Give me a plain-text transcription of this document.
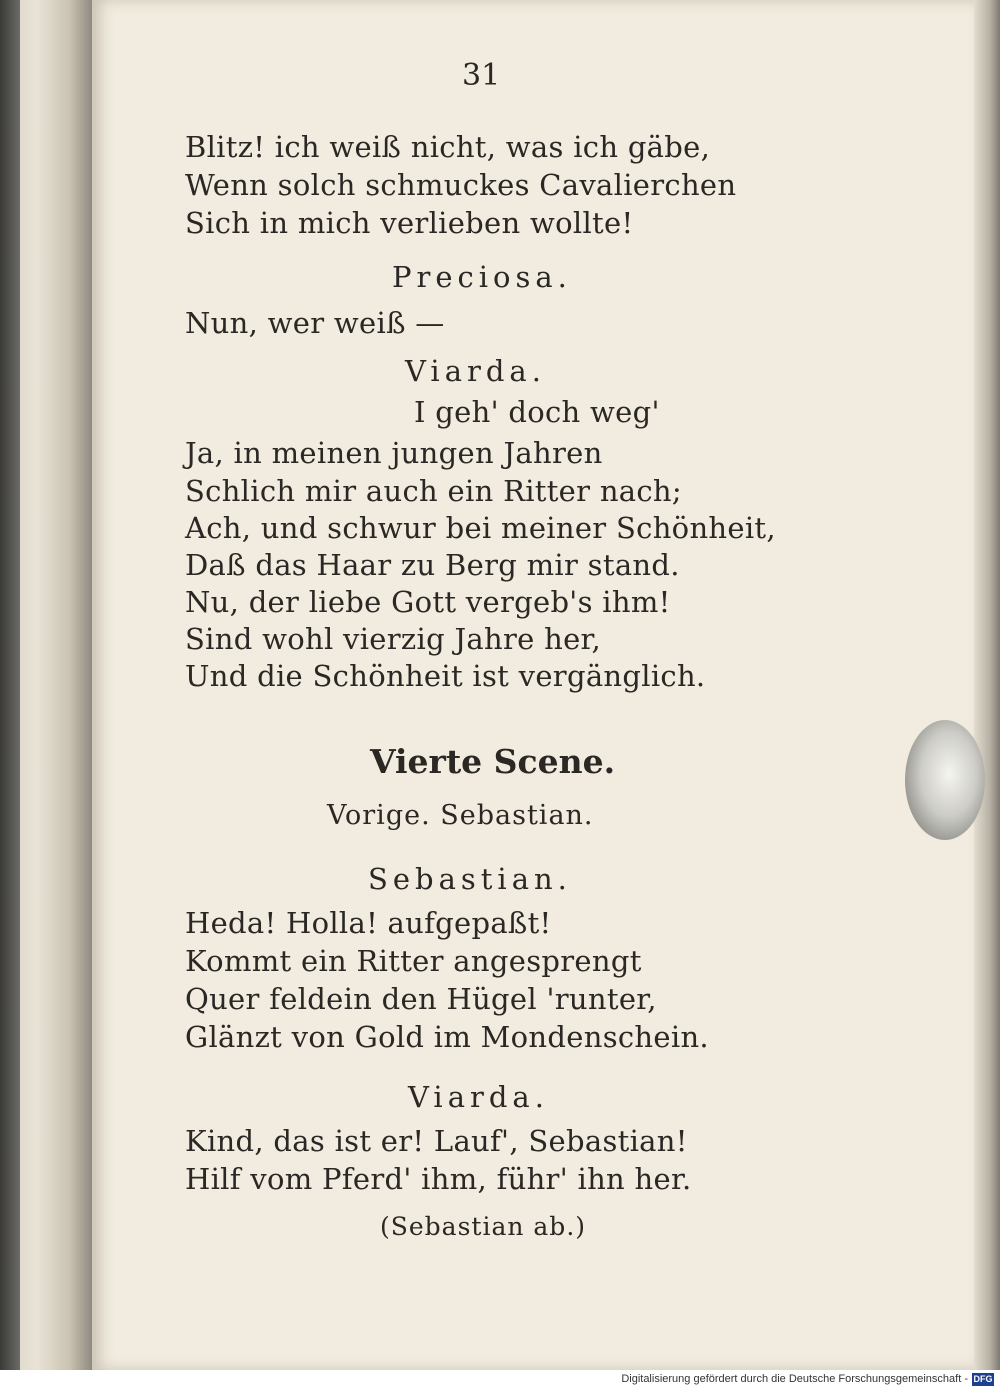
31
Blitz! ich weiß nicht, was ich gäbe,
Wenn solch schmuckes Cavalierchen
Sich in mich verlieben wollte!
Preciosa.
Nun, wer weiß —
Viarda.
I geh' doch weg'
Ja, in meinen jungen Jahren
Schlich mir auch ein Ritter nach;
Ach, und schwur bei meiner Schönheit,
Daß das Haar zu Berg mir stand.
Nu, der liebe Gott vergeb's ihm!
Sind wohl vierzig Jahre her,
Und die Schönheit ist vergänglich.
Vierte Scene.
Vorige. Sebastian.
Sebastian.
Heda! Holla! aufgepaßt!
Kommt ein Ritter angesprengt
Quer feldein den Hügel 'runter,
Glänzt von Gold im Mondenschein.
Viarda.
Kind, das ist er! Lauf', Sebastian!
Hilf vom Pferd' ihm, führ' ihn her.
(Sebastian ab.)
Digitalisierung gefördert durch die Deutsche Forschungsgemeinschaft - DFG
